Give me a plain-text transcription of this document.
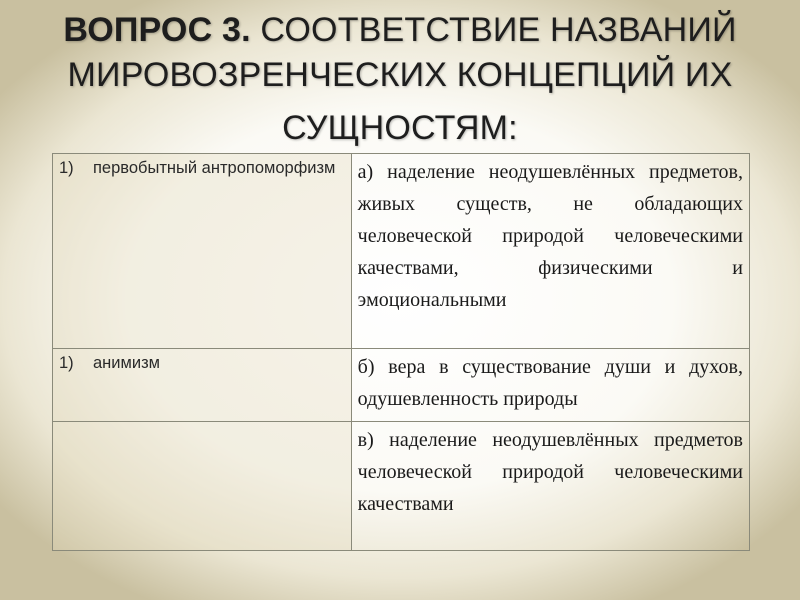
ВОПРОС 3. СООТВЕТСТВИЕ НАЗВАНИЙ
МИРОВОЗРЕНЧЕСКИХ КОНЦЕПЦИЙ ИХ
СУЩНОСТЯМ:
1) первобытный антропоморфизм	а) наделение неодушевлённых предметов, живых существ, не обладающих человеческой природой человеческими качествами, физическими и эмоциональными

1) анимизм	б) вера в существование души и духов, одушевленность природы

	в) наделение неодушевлённых предметов человеческой природой человеческими качествами
